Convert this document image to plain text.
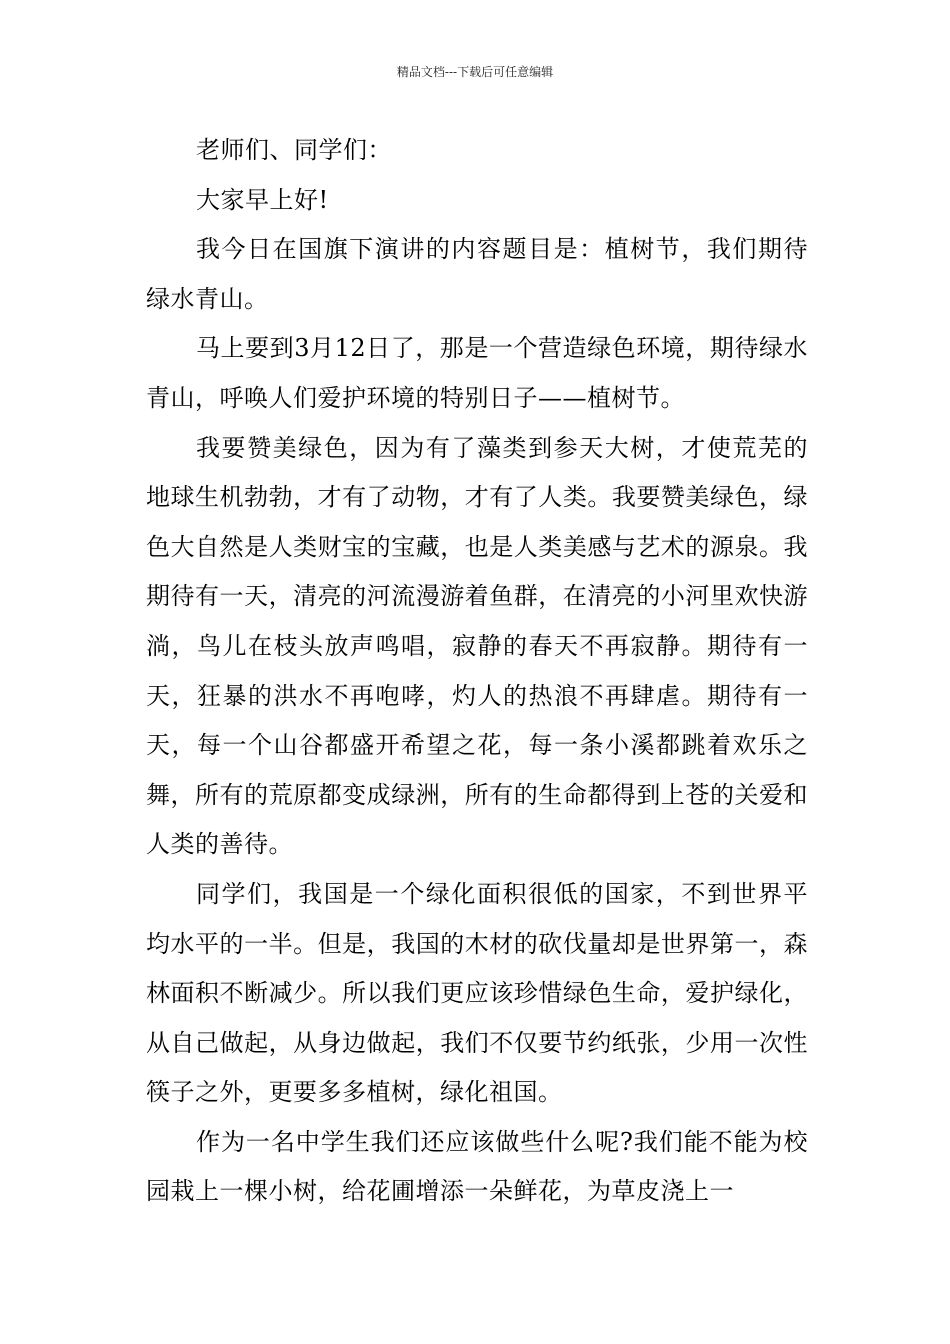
精品文档---下载后可任意编辑

老师们、同学们：

大家早上好!

我今日在国旗下演讲的内容题目是：植树节，我们期待绿水青山。

马上要到3月12日了，那是一个营造绿色环境，期待绿水青山，呼唤人们爱护环境的特别日子——植树节。

我要赞美绿色，因为有了藻类到参天大树，才使荒芜的地球生机勃勃，才有了动物，才有了人类。我要赞美绿色，绿色大自然是人类财宝的宝藏，也是人类美感与艺术的源泉。我期待有一天，清亮的河流漫游着鱼群，在清亮的小河里欢快游淌，鸟儿在枝头放声鸣唱，寂静的春天不再寂静。期待有一天，狂暴的洪水不再咆哮，灼人的热浪不再肆虐。期待有一天，每一个山谷都盛开希望之花，每一条小溪都跳着欢乐之舞，所有的荒原都变成绿洲，所有的生命都得到上苍的关爱和人类的善待。

同学们，我国是一个绿化面积很低的国家，不到世界平均水平的一半。但是，我国的木材的砍伐量却是世界第一，森林面积不断减少。所以我们更应该珍惜绿色生命，爱护绿化，从自己做起，从身边做起，我们不仅要节约纸张，少用一次性筷子之外，更要多多植树，绿化祖国。

作为一名中学生我们还应该做些什么呢?我们能不能为校园栽上一棵小树，给花圃增添一朵鲜花，为草皮浇上一
